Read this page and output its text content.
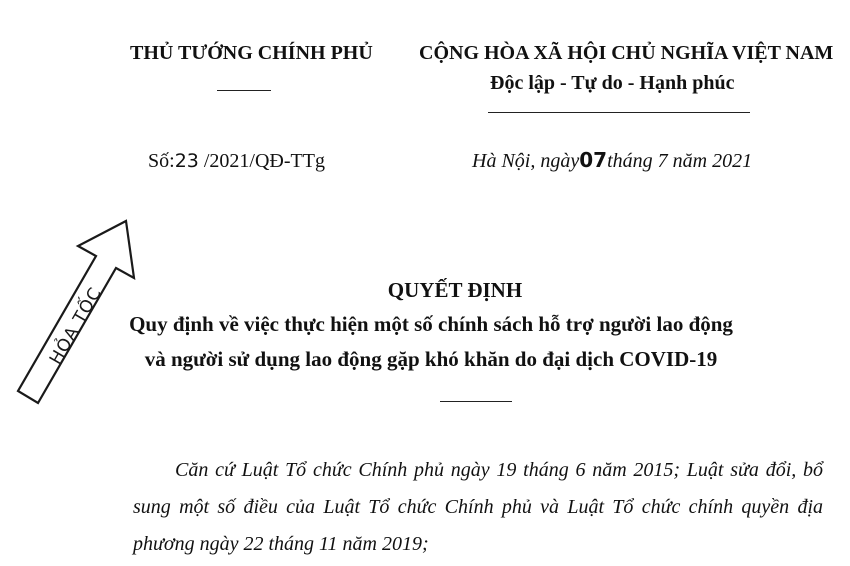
THỦ TƯỚNG CHÍNH PHỦ CỘNG HÒA XÃ HỘI CHỦ NGHĨA VIỆT NAM
Độc lập - Tự do - Hạnh phúc
Số:23 /2021/QĐ-TTg	Hà Nội, ngày07tháng 7 năm 2021
HỎA TỐC	QUYẾT ĐỊNH
Quy định về việc thực hiện một số chính sách hỗ trợ người lao động
và người sử dụng lao động gặp khó khăn do đại dịch COVID-19
Căn cứ Luật Tổ chức Chính phủ ngày 19 tháng 6 năm 2015; Luật sửa đổi, bổ sung một số điều của Luật Tổ chức Chính phủ và Luật Tổ chức chính quyền địa phương ngày 22 tháng 11 năm 2019;
